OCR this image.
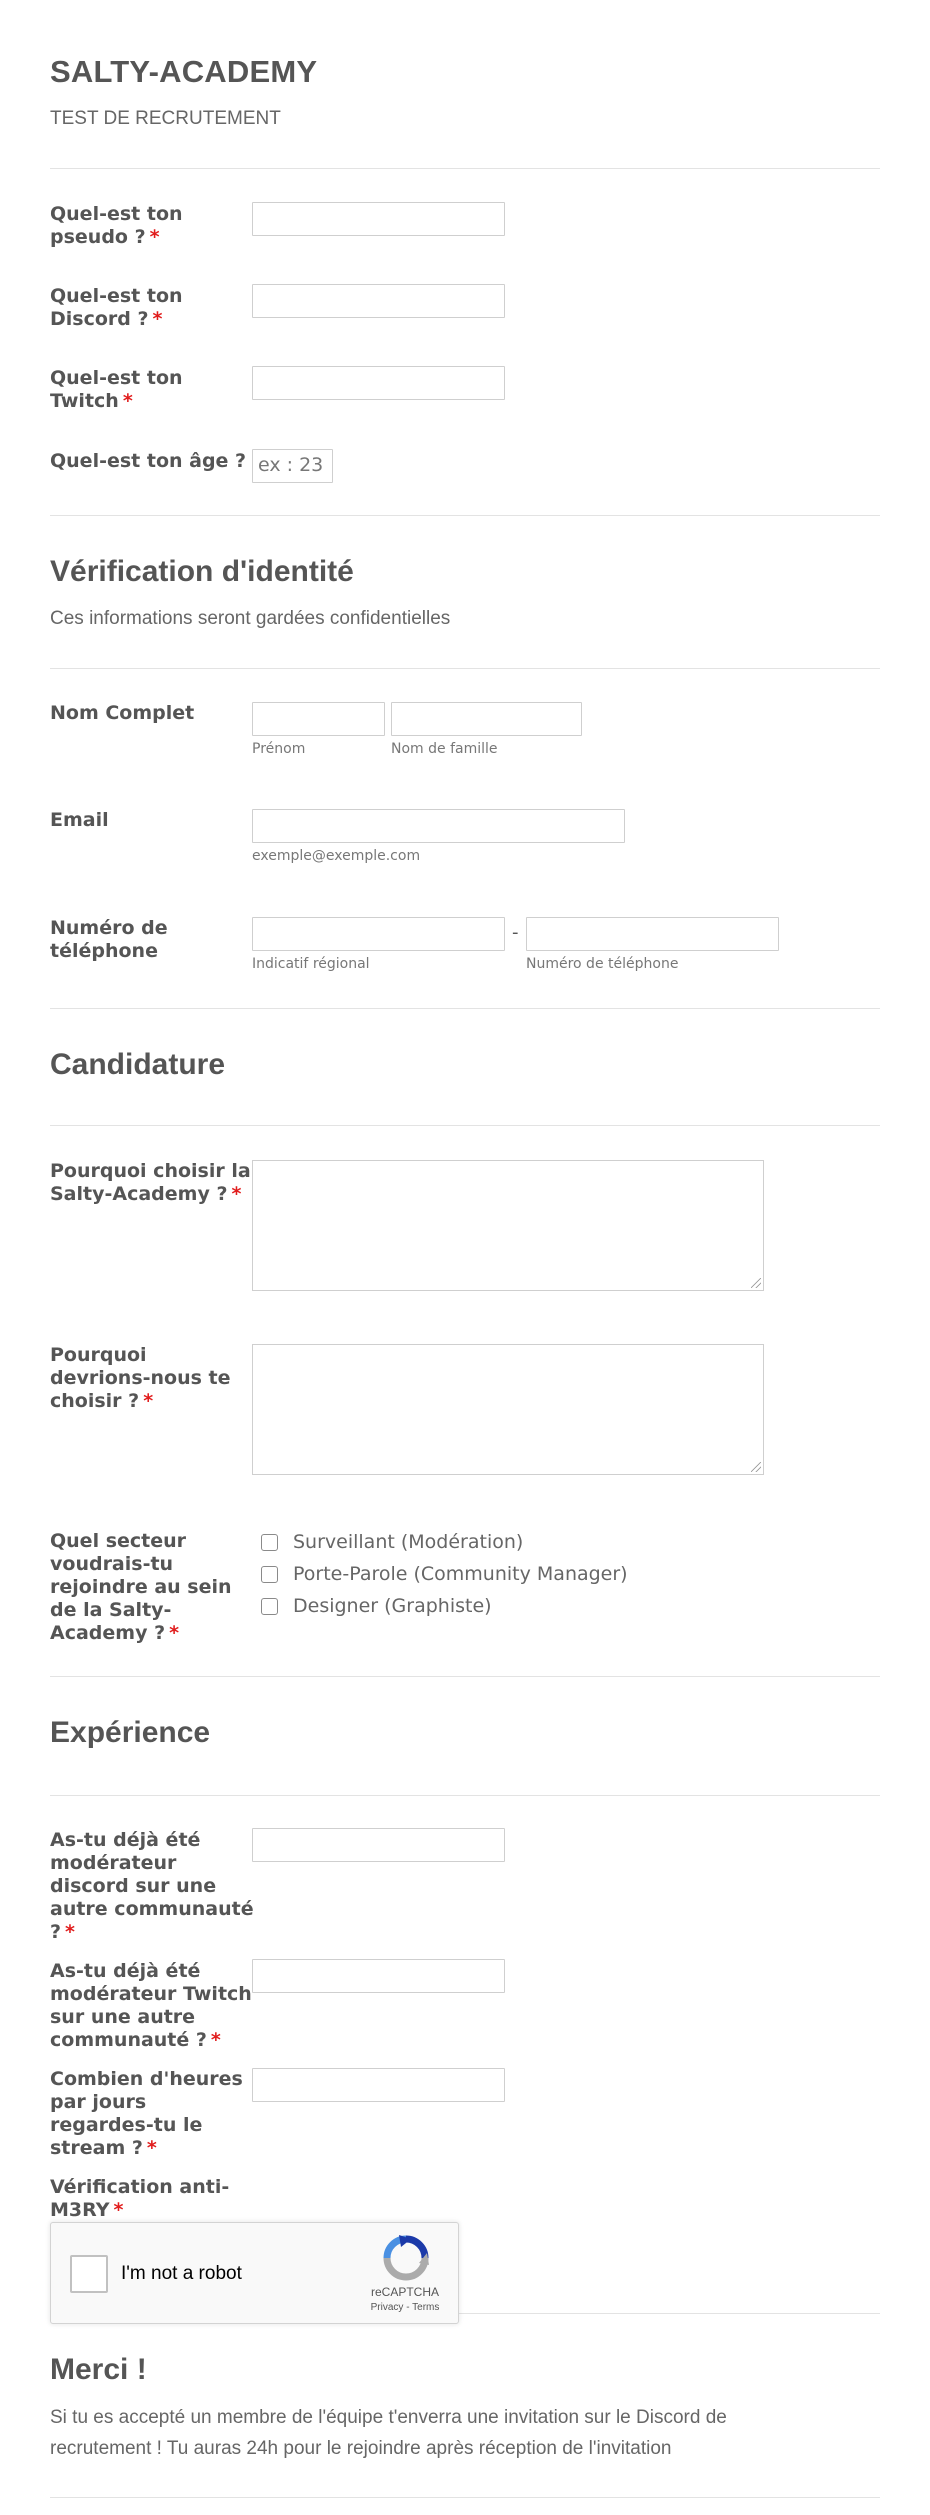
SALTY-ACADEMY
TEST DE RECRUTEMENT
Quel-est ton pseudo ? *
Quel-est ton Discord ? *
Quel-est ton Twitch *
Quel-est ton âge ? ex : 23
Vérification d'identité
Ces informations seront gardées confidentielles
Nom Complet
Prénom	Nom de famille
Email
exemple@exemple.com
Numéro de téléphone
-
Indicatif régional	Numéro de téléphone
Candidature
Pourquoi choisir la Salty-Academy ? *
Pourquoi devrions-nous te choisir ? *
Quel secteur voudrais-tu rejoindre au sein de la Salty-Academy ? *
Surveillant (Modération)
Porte-Parole (Community Manager)
Designer (Graphiste)
Expérience
As-tu déjà été modérateur discord sur une autre communauté ? *
As-tu déjà été modérateur Twitch sur une autre communauté ? *
Combien d'heures par jours regardes-tu le stream ? *
Vérification anti-M3RY *
I'm not a robot
reCAPTCHA
Privacy - Terms
Merci !
Si tu es accepté un membre de l'équipe t'enverra une invitation sur le Discord de
recrutement ! Tu auras 24h pour le rejoindre après réception de l'invitation
